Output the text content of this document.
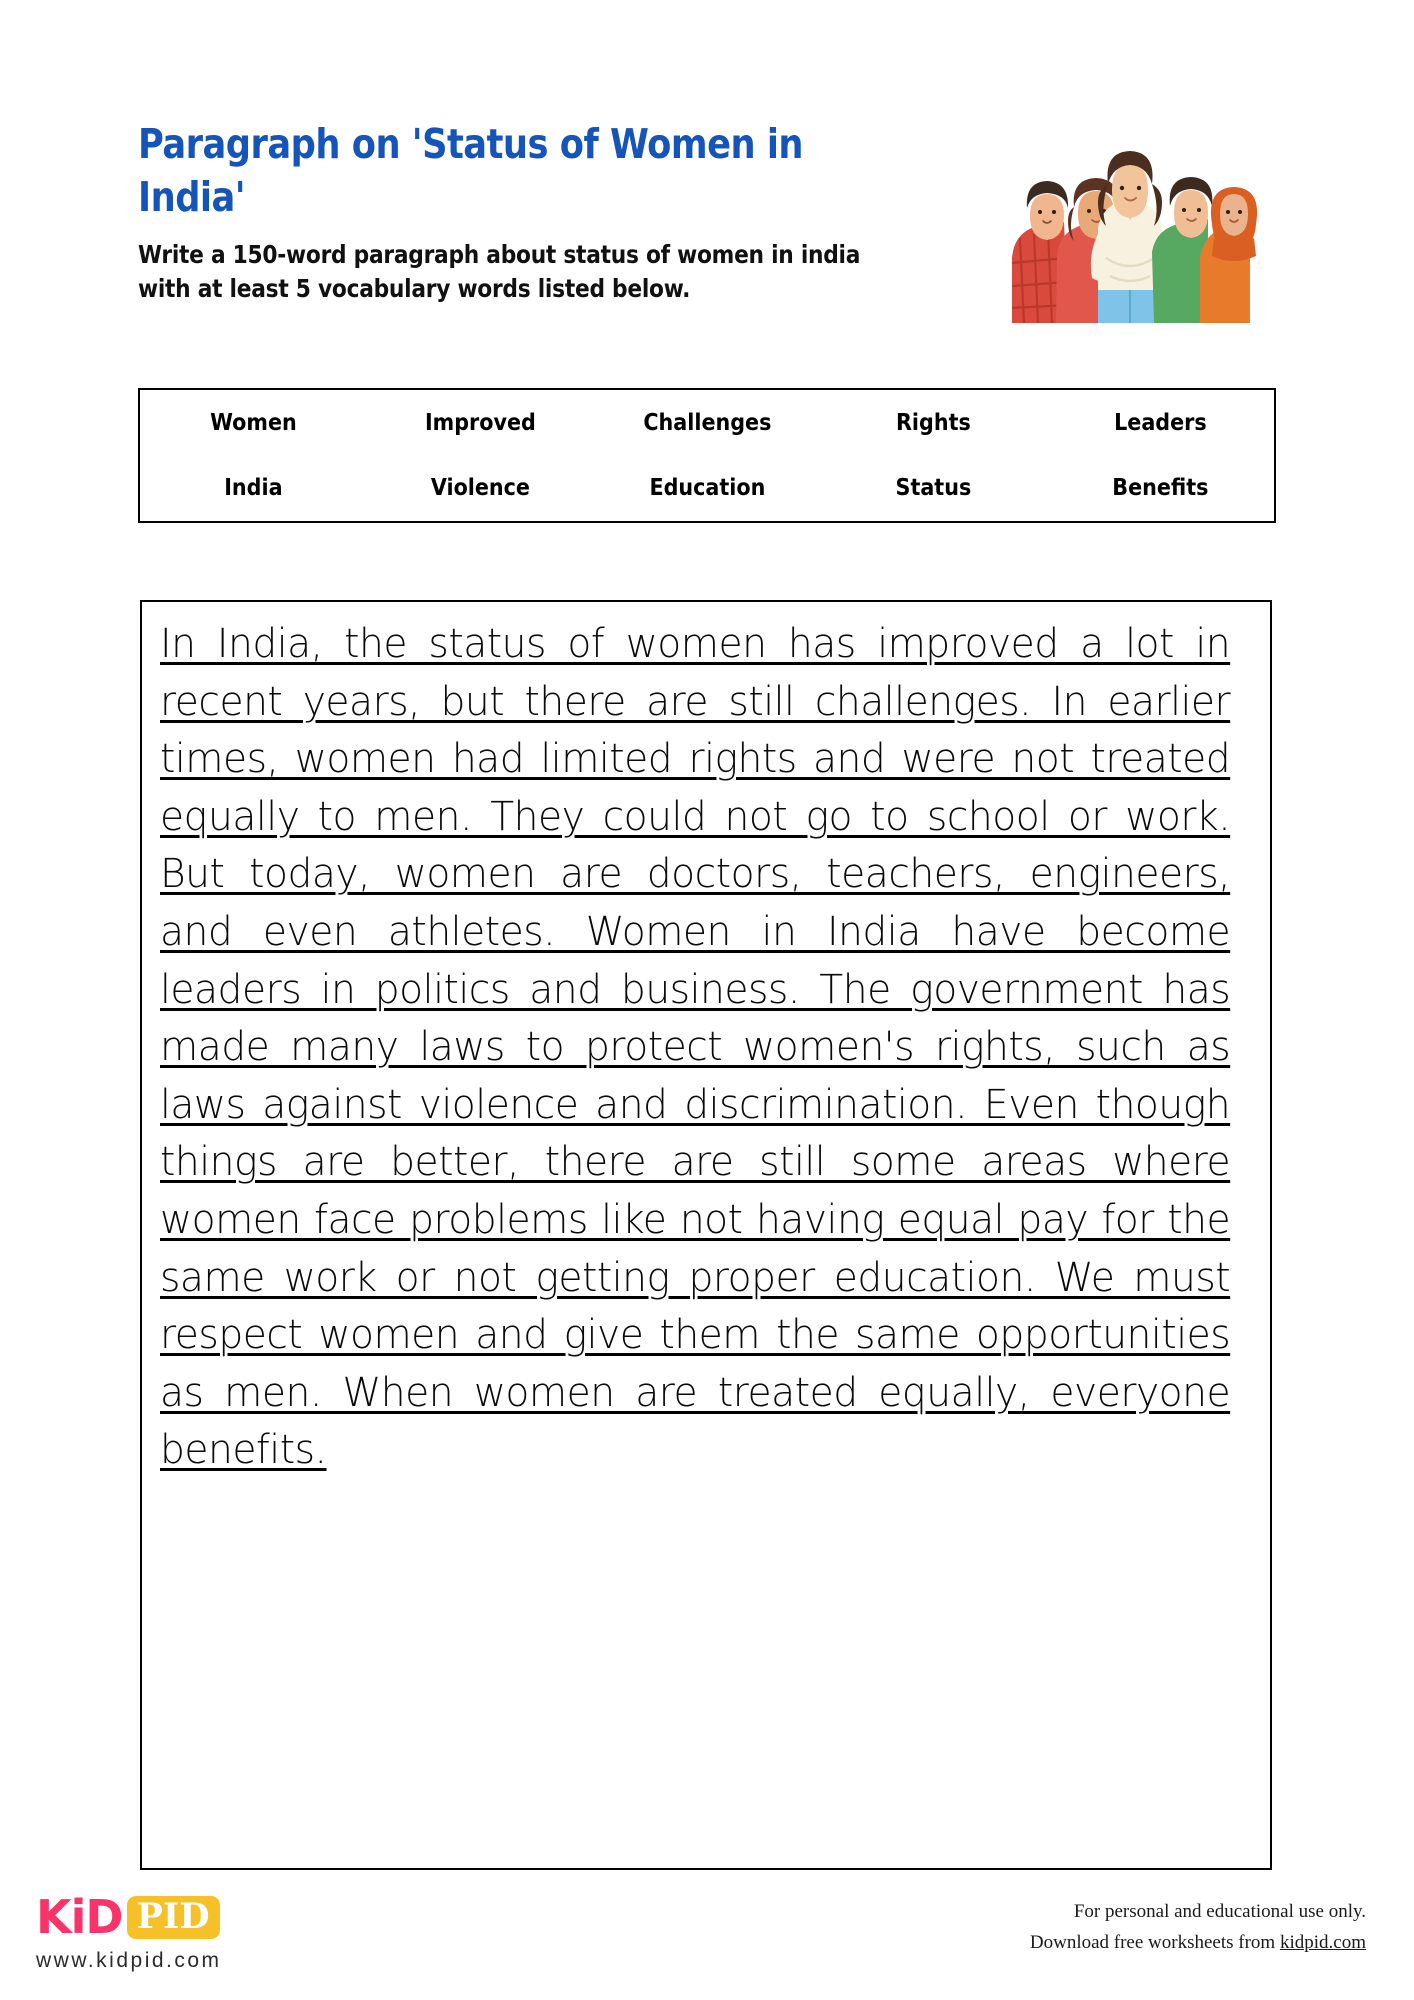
Paragraph on 'Status of Women in India'
Write a 150-word paragraph about status of women in india with at least 5 vocabulary words listed below.
Women	Improved	Challenges	Rights	Leaders
India	Violence	Education	Status	Benefits
In India, the status of women has improved a lot in recent years, but there are still challenges. In earlier times, women had limited rights and were not treated equally to men. They could not go to school or work. But today, women are doctors, teachers, engineers, and even athletes. Women in India have become leaders in politics and business. The government has made many laws to protect women's rights, such as laws against violence and discrimination. Even though things are better, there are still some areas where women face problems like not having equal pay for the same work or not getting proper education. We must respect women and give them the same opportunities as men. When women are treated equally, everyone benefits.
KiD PID
www.kidpid.com
For personal and educational use only.
Download free worksheets from kidpid.com
